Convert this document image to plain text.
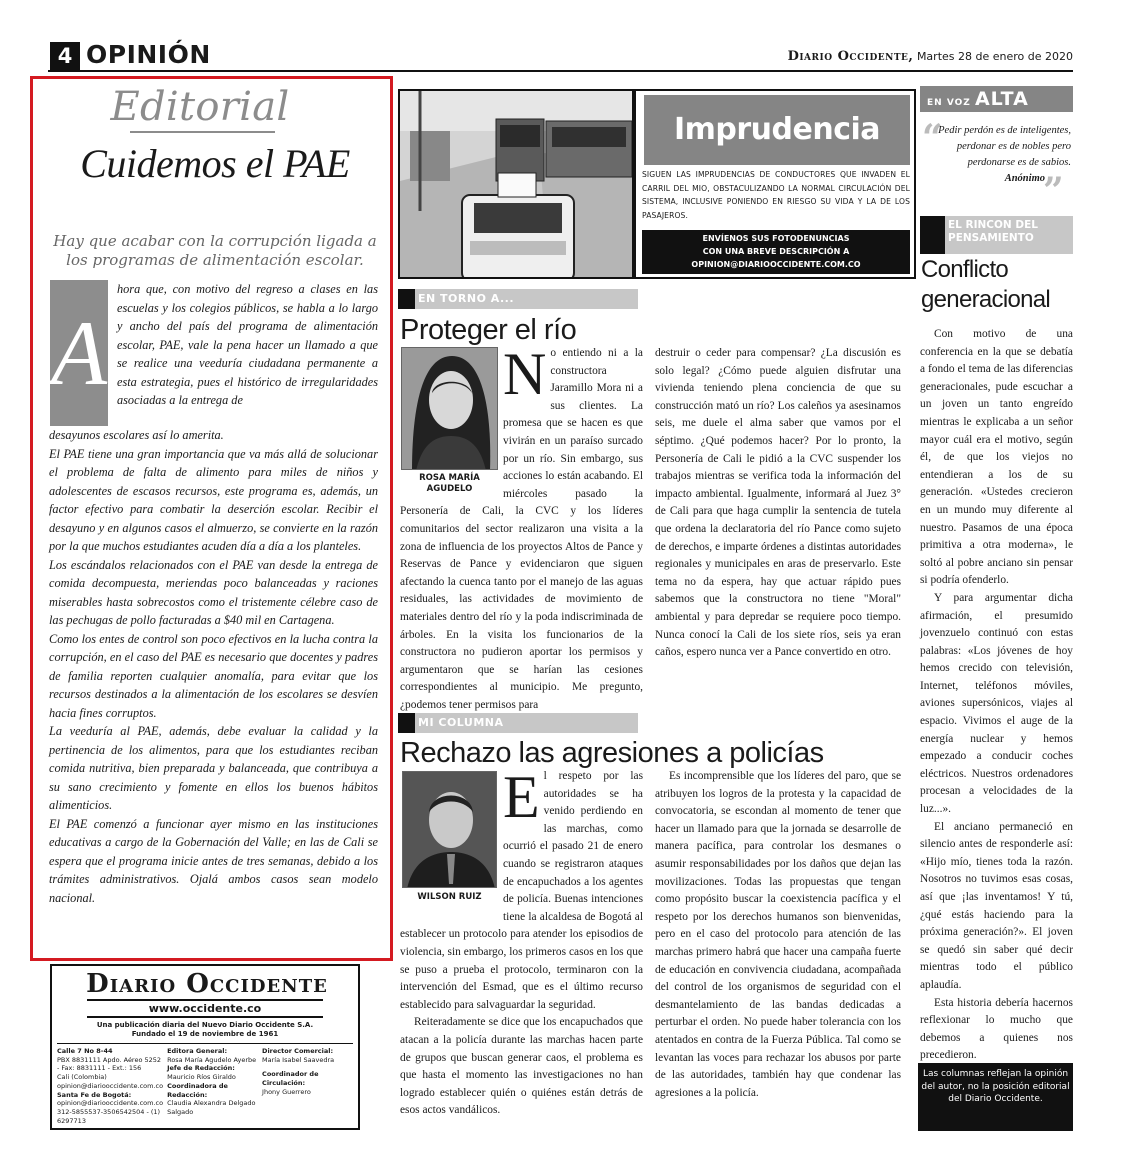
4 OPINIÓN	Diario Occidente, Martes 28 de enero de 2020
Editorial
Cuidemos el PAE
Hay que acabar con la corrupción ligada a los programas de alimentación escolar.
A

hora que, con motivo del regreso a clases en las escuelas y los colegios públicos, se habla a lo largo y ancho del país del programa de alimentación escolar, PAE, vale la pena hacer un llamado a que se realice una veeduría ciudadana permanente a esta estrategia, pues el histórico de irregularidades asociadas a la entrega de

desayunos escolares así lo amerita.

El PAE tiene una gran importancia que va más allá de solucionar el problema de falta de alimento para miles de niños y adolescentes de escasos recursos, este programa es, además, un factor efectivo para combatir la deserción escolar. Recibir el desayuno y en algunos casos el almuerzo, se convierte en la razón por la que muchos estudiantes acuden día a día a los planteles.

Los escándalos relacionados con el PAE van desde la entrega de comida decompuesta, meriendas poco balanceadas y raciones miserables hasta sobrecostos como el tristemente célebre caso de las pechugas de pollo facturadas a $40 mil en Cartagena.

Como los entes de control son poco efectivos en la lucha contra la corrupción, en el caso del PAE es necesario que docentes y padres de familia reporten cualquier anomalía, para evitar que los recursos destinados a la alimentación de los escolares se desvíen hacia fines corruptos.

La veeduría al PAE, además, debe evaluar la calidad y la pertinencia de los alimentos, para que los estudiantes reciban comida nutritiva, bien preparada y balanceada, que contribuya a su sano crecimiento y fomente en ellos los buenos hábitos alimenticios.

El PAE comenzó a funcionar ayer mismo en las instituciones educativas a cargo de la Gobernación del Valle; en las de Cali se espera que el programa inicie antes de tres semanas, debido a los trámites administrativos. Ojalá ambos casos sean modelo nacional.

Diario Occidente
www.occidente.co
Una publicación diaria del Nuevo Diario Occidente S.A.
Fundado el 19 de noviembre de 1961
Calle 7 No 8-44
PBX 8831111 Apdo. Aéreo 5252 - Fax: 8831111 - Ext.: 156
Cali (Colombia)
opinion@diariooccidente.com.co
Santa Fe de Bogotá:
opinion@diariooccidente.com.co
312-5855537-3506542504 - (1) 6297713
Editora General:
Rosa María Agudelo Ayerbe
Jefe de Redacción:
Mauricio Ríos Giraldo
Coordinadora de Redacción:
Claudia Alexandra Delgado Salgado
Director Comercial:
María Isabel Saavedra
Coordinador de Circulación:
Jhony Guerrero
Imprudencia

SIGUEN LAS IMPRUDENCIAS DE CONDUCTORES QUE INVADEN EL CARRIL DEL MIO, OBSTACULIZANDO LA NORMAL CIRCULACIÓN DEL SISTEMA, INCLUSIVE PONIENDO EN RIESGO SU VIDA Y LA DE LOS PASAJEROS.

ENVÍENOS SUS FOTODENUNCIAS
CON UNA BREVE DESCRIPCIÓN A
OPINION@DIARIOOCCIDENTE.COM.CO
EN TORNO A...
Proteger el río
ROSA MARÍA
AGUDELO

No entiendo ni a la constructora Jaramillo Mora ni a sus clientes. La promesa que se hacen es que vivirán en un paraíso surcado por un río. Sin embargo, sus acciones lo están acabando. El miércoles pasado la Personería de Cali, la CVC y los líderes comunitarios del sector realizaron una visita a la zona de influencia de los proyectos Altos de Pance y Reservas de Pance y evidenciaron que siguen afectando la cuenca tanto por el manejo de las aguas residuales, las actividades de movimiento de materiales dentro del río y la poda indiscriminada de árboles. En la visita los funcionarios de la constructora no pudieron aportar los permisos y argumentaron que se harían las cesiones correspondientes al municipio. Me pregunto, ¿podemos tener permisos para

destruir o ceder para compensar? ¿La discusión es solo legal? ¿Cómo puede alguien disfrutar una vivienda teniendo plena conciencia de que su construcción mató un río? Los caleños ya asesinamos seis, me duele el alma saber que vamos por el séptimo. ¿Qué podemos hacer? Por lo pronto, la Personería de Cali le pidió a la CVC suspender los trabajos mientras se verifica toda la información del impacto ambiental. Igualmente, informará al Juez 3° de Cali para que haga cumplir la sentencia de tutela que ordena la declaratoria del río Pance como sujeto de derechos, e imparte órdenes a distintas autoridades regionales y municipales en aras de preservarlo. Este tema no da espera, hay que actuar rápido pues sabemos que la constructora no tiene "Moral" ambiental y para depredar se requiere poco tiempo. Nunca conocí la Cali de los siete ríos, seis ya eran caños, espero nunca ver a Pance convertido en otro.

MI COLUMNA
Rechazo las agresiones a policías
WILSON RUIZ

El respeto por las autoridades se ha venido perdiendo en las marchas, como ocurrió el pasado 21 de enero cuando se registraron ataques de encapuchados a los agentes de policía. Buenas intenciones tiene la alcaldesa de Bogotá al establecer un protocolo para atender los episodios de violencia, sin embargo, los primeros casos en los que se puso a prueba el protocolo, terminaron con la intervención del Esmad, que es el último recurso establecido para salvaguardar la seguridad.

Reiteradamente se dice que los encapuchados que atacan a la policía durante las marchas hacen parte de grupos que buscan generar caos, el problema es que hasta el momento las investigaciones no han logrado establecer quién o quiénes están detrás de esos actos vandálicos.

Es incomprensible que los líderes del paro, que se atribuyen los logros de la protesta y la capacidad de convocatoria, se escondan al momento de tener que hacer un llamado para que la jornada se desarrolle de manera pacífica, para controlar los desmanes o asumir responsabilidades por los daños que dejan las movilizaciones. Todas las propuestas que tengan como propósito buscar la coexistencia pacífica y el respeto por los derechos humanos son bienvenidas, pero en el caso del protocolo para atención de las marchas primero habrá que hacer una campaña fuerte de educación en convivencia ciudadana, acompañada del control de los organismos de seguridad con el desmantelamiento de las bandas dedicadas a perturbar el orden. No puede haber tolerancia con los atentados en contra de la Fuerza Pública. Tal como se levantan las voces para rechazar los abusos por parte de las autoridades, también hay que condenar las agresiones a la policía.

EN VOZ ALTA
“
Pedir perdón es de inteligentes, perdonar es de nobles pero perdonarse es de sabios.
Anónimo
”
EL RINCON DEL PENSAMIENTO
Conflicto generacional

Con motivo de una conferencia en la que se debatía a fondo el tema de las diferencias generacionales, pude escuchar a un joven un tanto engreído mientras le explicaba a un señor mayor cuál era el motivo, según él, de que los viejos no entendieran a los de su generación. «Ustedes crecieron en un mundo muy diferente al nuestro. Pasamos de una época primitiva a otra moderna», le soltó al pobre anciano sin pensar si podría ofenderlo.

Y para argumentar dicha afirmación, el presumido jovenzuelo continuó con estas palabras: «Los jóvenes de hoy hemos crecido con televisión, Internet, teléfonos móviles, aviones supersónicos, viajes al espacio. Vivimos el auge de la energía nuclear y hemos empezado a conducir coches eléctricos. Nuestros ordenadores procesan a velocidades de la luz...».

El anciano permaneció en silencio antes de responderle así: «Hijo mío, tienes toda la razón. Nosotros no tuvimos esas cosas, así que ¡las inventamos! Y tú, ¿qué estás haciendo para la próxima generación?». El joven se quedó sin saber qué decir mientras todo el público aplaudía.

Esta historia debería hacernos reflexionar lo mucho que debemos a quienes nos precedieron.

Las columnas reflejan la opinión del autor, no la posición editorial del Diario Occidente.
